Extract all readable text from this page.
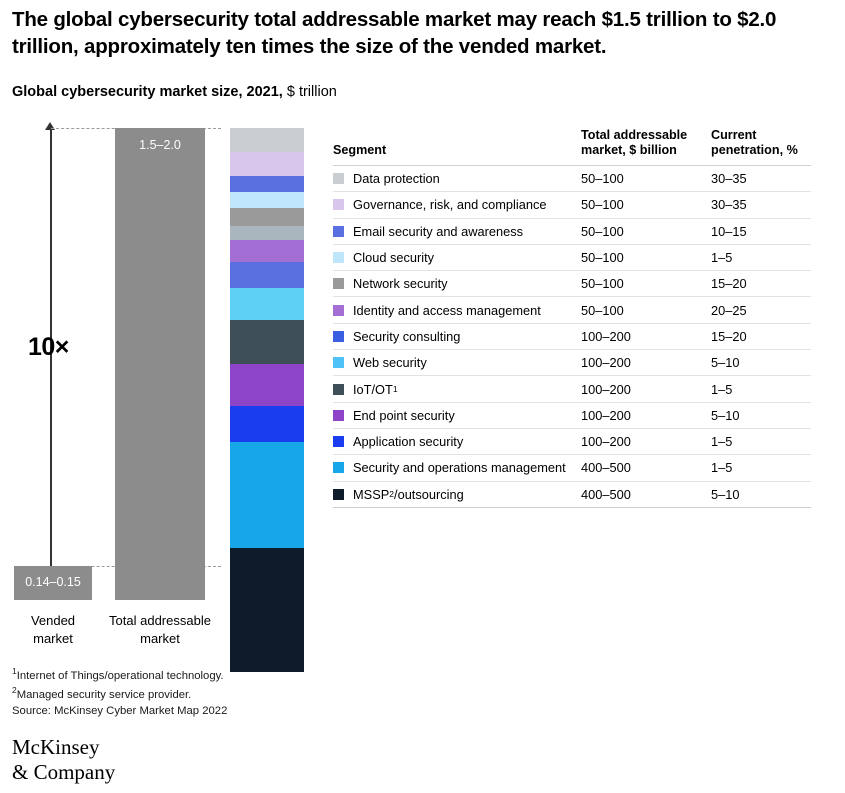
The global cybersecurity total addressable market may reach $1.5 trillion to $2.0 trillion, approximately ten times the size of the vended market.
Global cybersecurity market size, 2021, $ trillion
10×
0.14–0.15
Vended
market
1.5–2.0
Total addressable
market
Segment
Total addressable
market, $ billion
Current
penetration, %
Data protection	50–100	30–35
Governance, risk, and compliance	50–100	30–35
Email security and awareness	50–100	10–15
Cloud security	50–100	1–5
Network security	50–100	15–20
Identity and access management	50–100	20–25
Security consulting	100–200	15–20
Web security	100–200	5–10
IoT/OT 1	100–200	1–5
End point security	100–200	5–10
Application security	100–200	1–5
Security and operations management 400–500	1–5
MSSP 2 /outsourcing	400–500	5–10
$^1$Internet of Things/operational technology.
$^2$Managed security service provider.
Source: McKinsey Cyber Market Map 2022
McKinsey
& Company
